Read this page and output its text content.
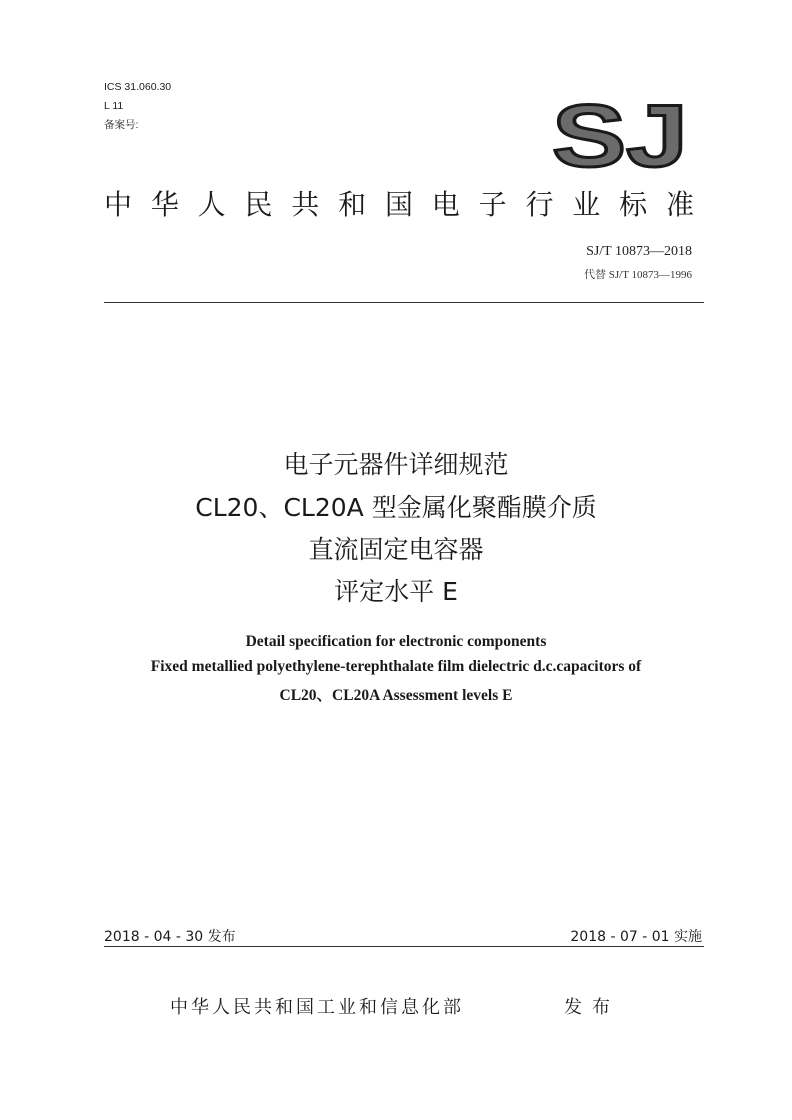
ICS 31.060.30
L 11
备案号:	SJ
中 华 人 民 共 和 国 电 子 行 业 标 准
SJ/T 10873—2018
代替 SJ/T 10873—1996
电子元器件详细规范
CL20、CL20A 型金属化聚酯膜介质
直流固定电容器
评定水平 E
Detail specification for electronic components
Fixed metallied polyethylene-terephthalate film dielectric d.c.capacitors of
CL20、CL20A Assessment levels E
2018 - 04 - 30 发布	2018 - 07 - 01 实施
中华人民共和国工业和信息化部	发布
